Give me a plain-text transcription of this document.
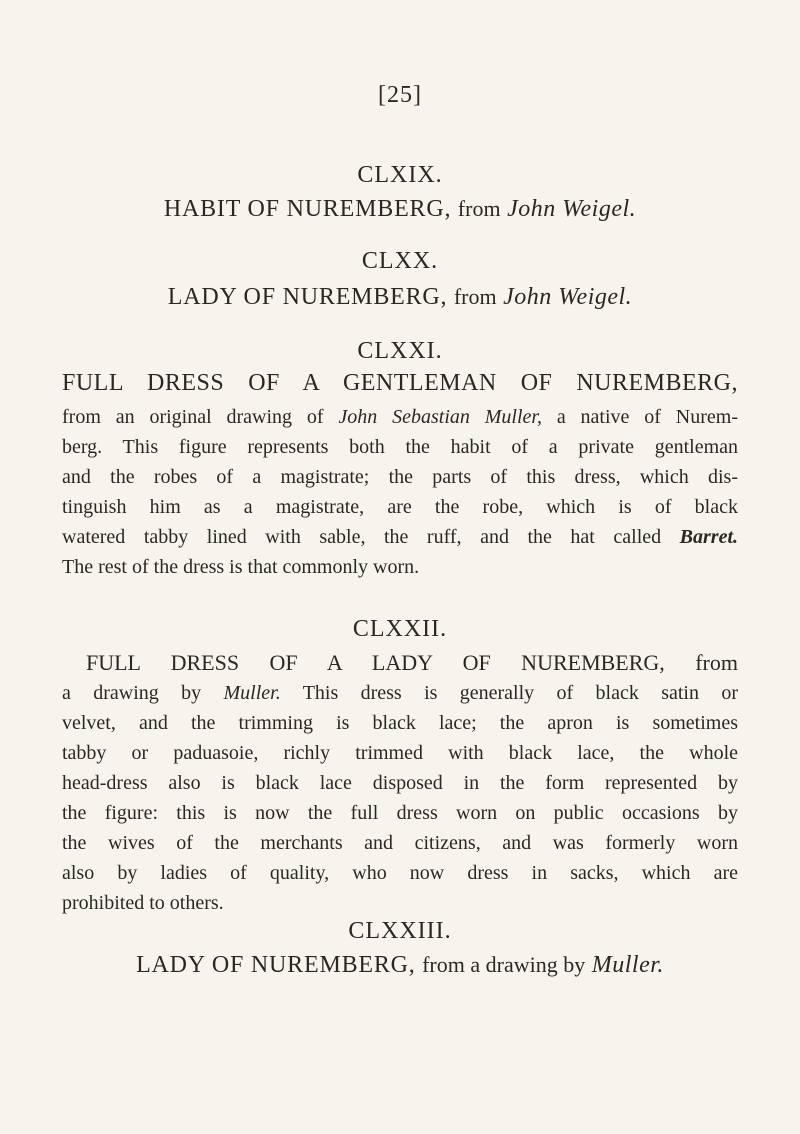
[25]
CLXIX.
HABIT OF NUREMBERG, from John Weigel.
CLXX.
LADY OF NUREMBERG, from John Weigel.
CLXXI.
FULL DRESS OF A GENTLEMAN OF NUREMBERG,
from an original drawing of John Sebastian Muller, a native of Nurem-
berg. This figure represents both the habit of a private gentleman
and the robes of a magistrate; the parts of this dress, which dis-
tinguish him as a magistrate, are the robe, which is of black
watered tabby lined with sable, the ruff, and the hat called Barret.
The rest of the dress is that commonly worn.
CLXXII.
FULL DRESS OF A LADY OF NUREMBERG, from
a drawing by Muller. This dress is generally of black satin or
velvet, and the trimming is black lace; the apron is sometimes
tabby or paduasoie, richly trimmed with black lace, the whole
head-dress also is black lace disposed in the form represented by
the figure: this is now the full dress worn on public occasions by
the wives of the merchants and citizens, and was formerly worn
also by ladies of quality, who now dress in sacks, which are
prohibited to others.
CLXXIII.
LADY OF NUREMBERG, from a drawing by Muller.
